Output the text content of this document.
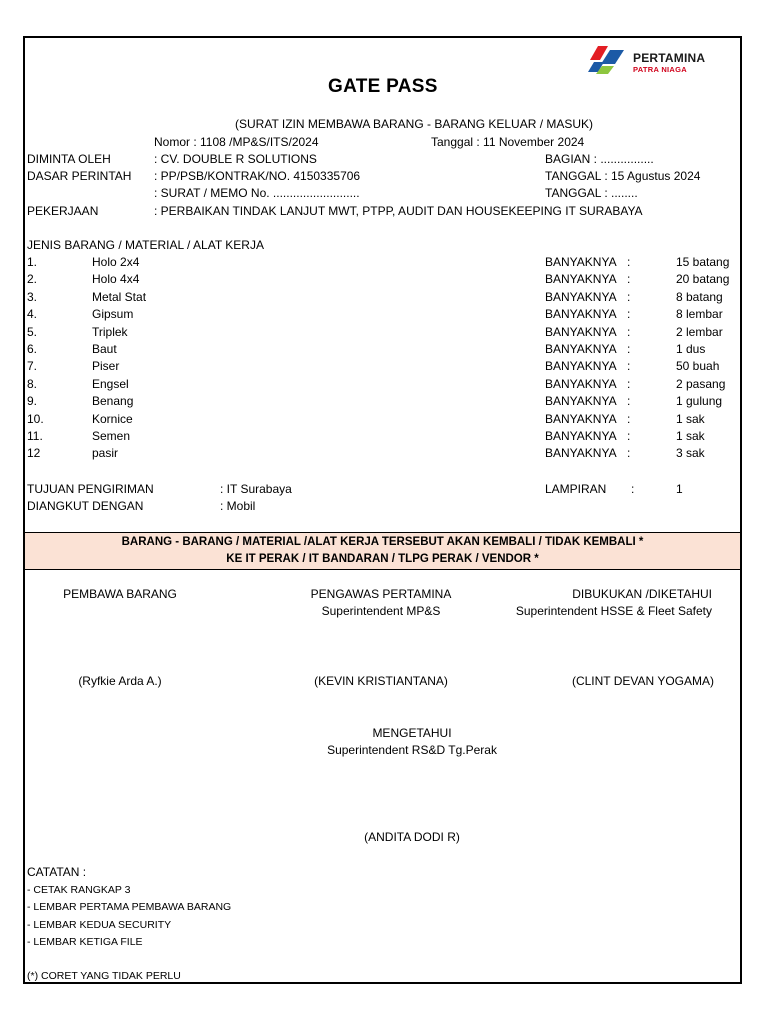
PERTAMINA
PATRA NIAGA
GATE PASS
(SURAT IZIN MEMBAWA BARANG - BARANG KELUAR / MASUK)
Nomor : 1108 /MP&S/ITS/2024	Tanggal : 11 November 2024
DIMINTA OLEH	: CV. DOUBLE R SOLUTIONS	BAGIAN : ................
DASAR PERINTAH : PP/PSB/KONTRAK/NO. 4150335706	TANGGAL : 15 Agustus 2024
: SURAT / MEMO No. ..........................	TANGGAL : ........
PEKERJAAN	: PERBAIKAN TINDAK LANJUT MWT, PTPP, AUDIT DAN HOUSEKEEPING IT SURABAYA
JENIS BARANG / MATERIAL / ALAT KERJA
1.	Holo 2x4	BANYAKNYA :	15 batang
2.	Holo 4x4	BANYAKNYA :	20 batang
3.	Metal Stat	BANYAKNYA :	8 batang
4.	Gipsum	BANYAKNYA :	8 lembar
5.	Triplek	BANYAKNYA :	2 lembar
6.	Baut	BANYAKNYA :	1 dus
7.	Piser	BANYAKNYA :	50 buah
8.	Engsel	BANYAKNYA :	2 pasang
9.	Benang	BANYAKNYA :	1 gulung
10.	Kornice	BANYAKNYA :	1 sak
11.	Semen	BANYAKNYA :	1 sak
12	pasir	BANYAKNYA :	3 sak
TUJUAN PENGIRIMAN	: IT Surabaya	LAMPIRAN :	1
DIANGKUT DENGAN	: Mobil
BARANG - BARANG / MATERIAL /ALAT KERJA TERSEBUT AKAN KEMBALI / TIDAK KEMBALI *
KE IT PERAK / IT BANDARAN / TLPG PERAK / VENDOR *
PEMBAWA BARANG
(Ryfkie Arda A.)
PENGAWAS PERTAMINA
Superintendent MP&S
(KEVIN KRISTIANTANA)
DIBUKUKAN /DIKETAHUI
Superintendent HSSE & Fleet Safety
(CLINT DEVAN YOGAMA)
MENGETAHUI
Superintendent RS&D Tg.Perak
(ANDITA DODI R)
CATATAN :
- CETAK RANGKAP 3
- LEMBAR PERTAMA PEMBAWA BARANG
- LEMBAR KEDUA SECURITY
- LEMBAR KETIGA FILE
(*) CORET YANG TIDAK PERLU
